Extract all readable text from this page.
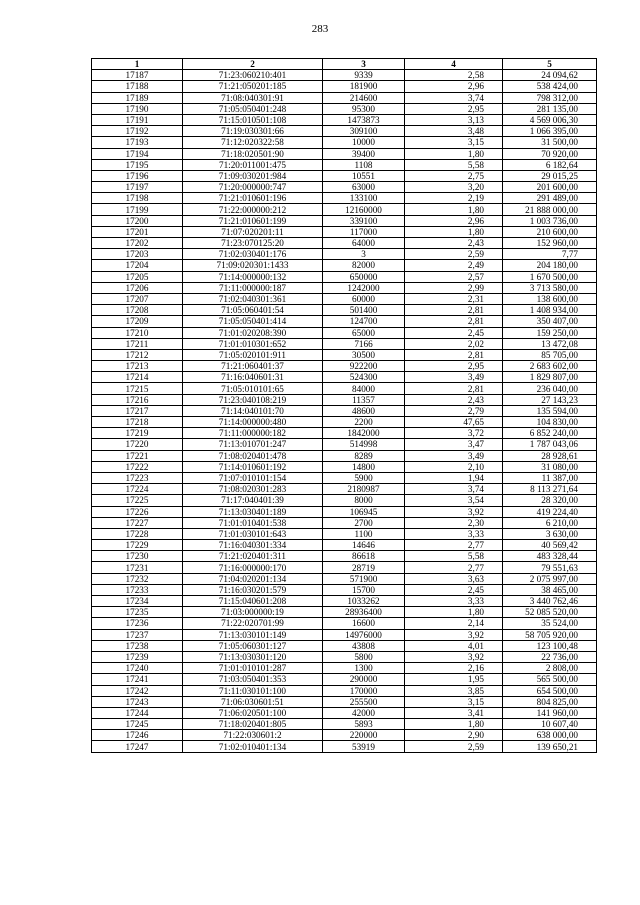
283
1	2	3	4	5
17187	71:23:060210:401	9339	2,58	24 094,62
17188	71:21:050201:185	181900	2,96	538 424,00
17189	71:08:040301:91	214600	3,74	798 312,00
17190	71:05:050401:248	95300	2,95	281 135,00
17191	71:15:010501:108	1473873	3,13	4 569 006,30
17192	71:19:030301:66	309100	3,48	1 066 395,00
17193	71:12:020322:58	10000	3,15	31 500,00
17194	71:18:020501:90	39400	1,80	70 920,00
17195	71:20:011001:475	1108	5,58	6 182,64
17196	71:09:030201:984	10551	2,75	29 015,25
17197	71:20:000000:747	63000	3,20	201 600,00
17198	71:21:010601:196	133100	2,19	291 489,00
17199	71:22:000000:212	12160000	1,80	21 888 000,00
17200	71:21:010601:199	339100	2,96	1 003 736,00
17201	71:07:020201:11	117000	1,80	210 600,00
17202	71:23:070125:20	64000	2,43	152 960,00
17203	71:02:030401:176	3	2,59	7,77
17204	71:09:020301:1433	82000	2,49	204 180,00
17205	71:14:000000:132	650000	2,57	1 670 500,00
17206	71:11:000000:187	1242000	2,99	3 713 580,00
17207	71:02:040301:361	60000	2,31	138 600,00
17208	71:05:060401:54	501400	2,81	1 408 934,00
17209	71:05:050401:414	124700	2,81	350 407,00
17210	71:01:020208:390	65000	2,45	159 250,00
17211	71:01:010301:652	7166	2,02	13 472,08
17212	71:05:020101:911	30500	2,81	85 705,00
17213	71:21:060401:37	922200	2,95	2 683 602,00
17214	71:16:040601:31	524300	3,49	1 829 807,00
17215	71:05:010101:65	84000	2,81	236 040,00
17216	71:23:040108:219	11357	2,43	27 143,23
17217	71:14:040101:70	48600	2,79	135 594,00
17218	71:14:000000:480	2200	47,65	104 830,00
17219	71:11:000000:182	1842000	3,72	6 852 240,00
17220	71:13:010701:247	514998	3,47	1 787 043,06
17221	71:08:020401:478	8289	3,49	28 928,61
17222	71:14:010601:192	14800	2,10	31 080,00
17223	71:07:010101:154	5900	1,94	11 387,00
17224	71:08:020301:283	2180987	3,74	8 113 271,64
17225	71:17:040401:39	8000	3,54	28 320,00
17226	71:13:030401:189	106945	3,92	419 224,40
17227	71:01:010401:538	2700	2,30	6 210,00
17228	71:01:030101:643	1100	3,33	3 630,00
17229	71:16:040301:334	14646	2,77	40 569,42
17230	71:21:020401:311	86618	5,58	483 328,44
17231	71:16:000000:170	28719	2,77	79 551,63
17232	71:04:020201:134	571900	3,63	2 075 997,00
17233	71:16:030201:579	15700	2,45	38 465,00
17234	71:15:040601:208	1033262	3,33	3 440 762,46
17235	71:03:000000:19	28936400	1,80	52 085 520,00
17236	71:22:020701:99	16600	2,14	35 524,00
17237	71:13:030101:149	14976000	3,92	58 705 920,00
17238	71:05:060301:127	43808	4,01	123 100,48
17239	71:13:030301:120	5800	3,92	22 736,00
17240	71:01:010101:287	1300	2,16	2 808,00
17241	71:03:050401:353	290000	1,95	565 500,00
17242	71:11:030101:100	170000	3,85	654 500,00
17243	71:06:030601:51	255500	3,15	804 825,00
17244	71:06:020501:100	42000	3,41	141 960,00
17245	71:18:020401:805	5893	1,80	10 607,40
17246	71:22:030601:2	220000	2,90	638 000,00
17247	71:02:010401:134	53919	2,59	139 650,21
